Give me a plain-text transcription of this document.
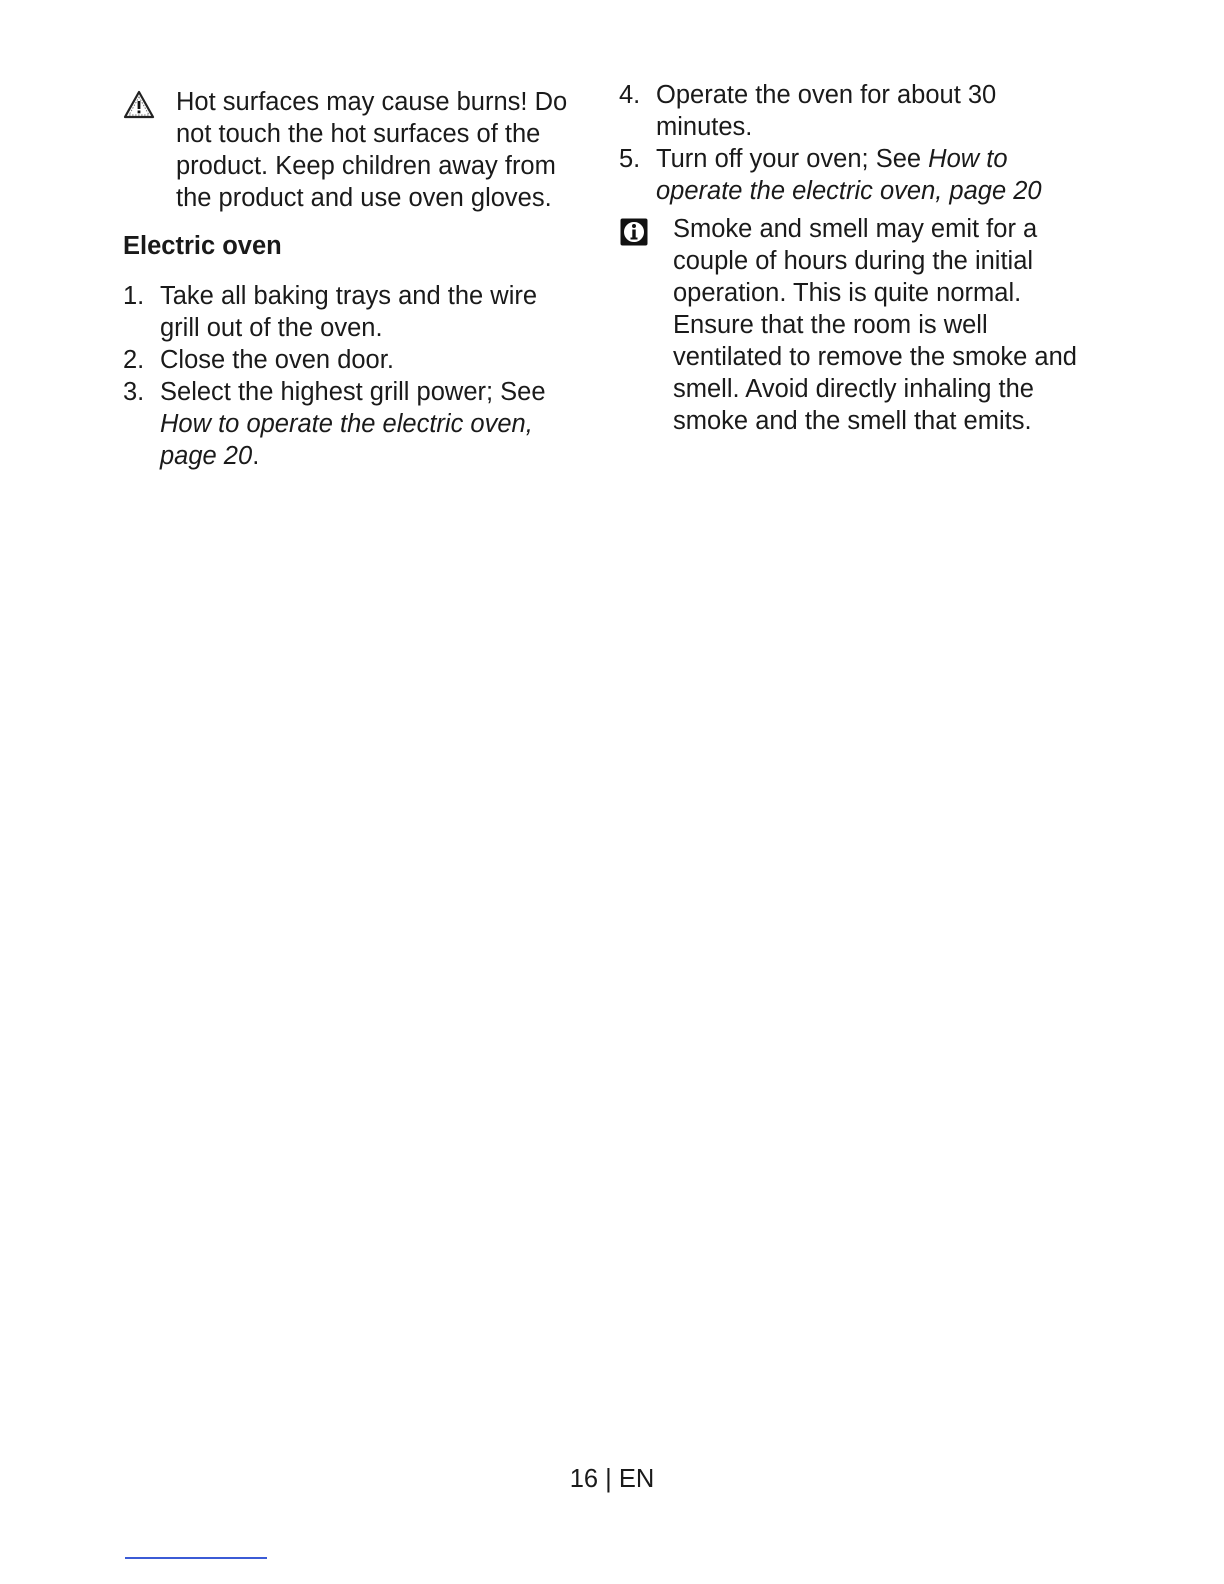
Hot surfaces may cause burns! Do not touch the hot surfaces of the product. Keep children away from the product and use oven gloves.
Electric oven
1. Take all baking trays and the wire grill out of the oven.
2. Close the oven door.
3. Select the highest grill power; See How to operate the electric oven, page 20.
4. Operate the oven for about 30 minutes.
5. Turn off your oven; See How to operate the electric oven, page 20
Smoke and smell may emit for a couple of hours during the initial operation. This is quite normal. Ensure that the room is well ventilated to remove the smoke and smell. Avoid directly inhaling the smoke and the smell that emits.
16 | EN
